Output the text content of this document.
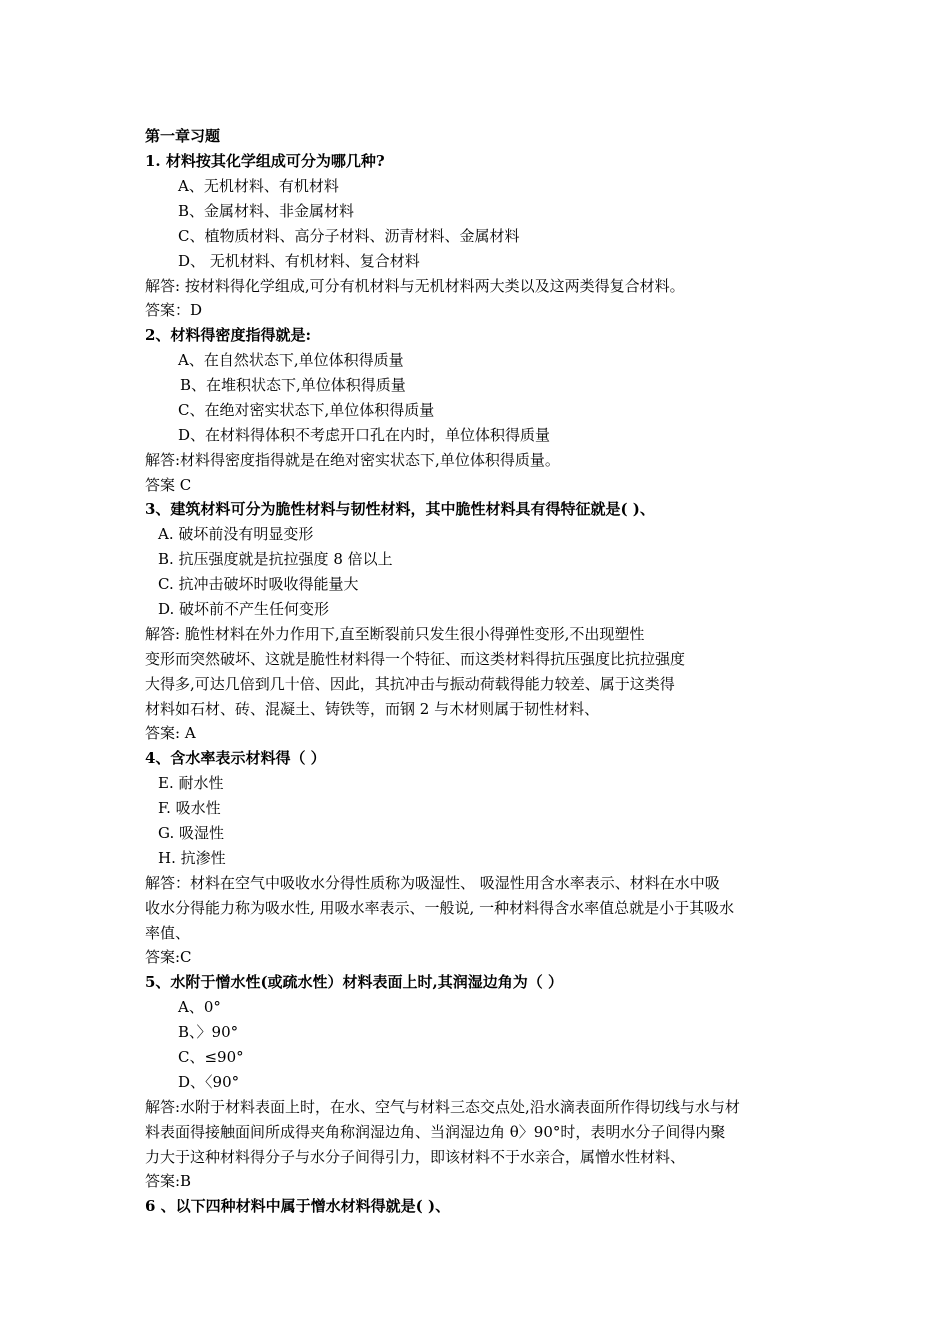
第一章习题
1. 材料按其化学组成可分为哪几种?
A、无机材料、有机材料
B、金属材料、非金属材料
C、植物质材料、高分子材料、沥青材料、金属材料
D、 无机材料、有机材料、复合材料
解答: 按材料得化学组成,可分有机材料与无机材料两大类以及这两类得复合材料。
答案：D
2、材料得密度指得就是:
A、在自然状态下,单位体积得质量
B、在堆积状态下,单位体积得质量
C、在绝对密实状态下,单位体积得质量
D、在材料得体积不考虑开口孔在内时，单位体积得质量
解答:材料得密度指得就是在绝对密实状态下,单位体积得质量。
答案 C
3、建筑材料可分为脆性材料与韧性材料，其中脆性材料具有得特征就是( )、
A. 破坏前没有明显变形
B. 抗压强度就是抗拉强度 8 倍以上
C. 抗冲击破坏时吸收得能量大
D. 破坏前不产生任何变形
解答: 脆性材料在外力作用下,直至断裂前只发生很小得弹性变形,不出现塑性
变形而突然破坏、这就是脆性材料得一个特征、而这类材料得抗压强度比抗拉强度
大得多,可达几倍到几十倍、因此，其抗冲击与振动荷载得能力较差、属于这类得
材料如石材、砖、混凝土、铸铁等，而钢 2 与木材则属于韧性材料、
答案: A
4、含水率表示材料得（ ）
E. 耐水性
F. 吸水性
G. 吸湿性
H. 抗渗性
解答：材料在空气中吸收水分得性质称为吸湿性、 吸湿性用含水率表示、材料在水中吸
收水分得能力称为吸水性, 用吸水率表示、一般说, 一种材料得含水率值总就是小于其吸水
率值、
答案:C
5、水附于憎水性(或疏水性）材料表面上时,其润湿边角为（ ）
A、0°
B、〉90°
C、≤90°
D、〈90°
解答:水附于材料表面上时，在水、空气与材料三态交点处,沿水滴表面所作得切线与水与材
料表面得接触面间所成得夹角称润湿边角、当润湿边角 θ〉90°时，表明水分子间得内聚
力大于这种材料得分子与水分子间得引力，即该材料不于水亲合，属憎水性材料、
答案:B
6 、以下四种材料中属于憎水材料得就是( )、
